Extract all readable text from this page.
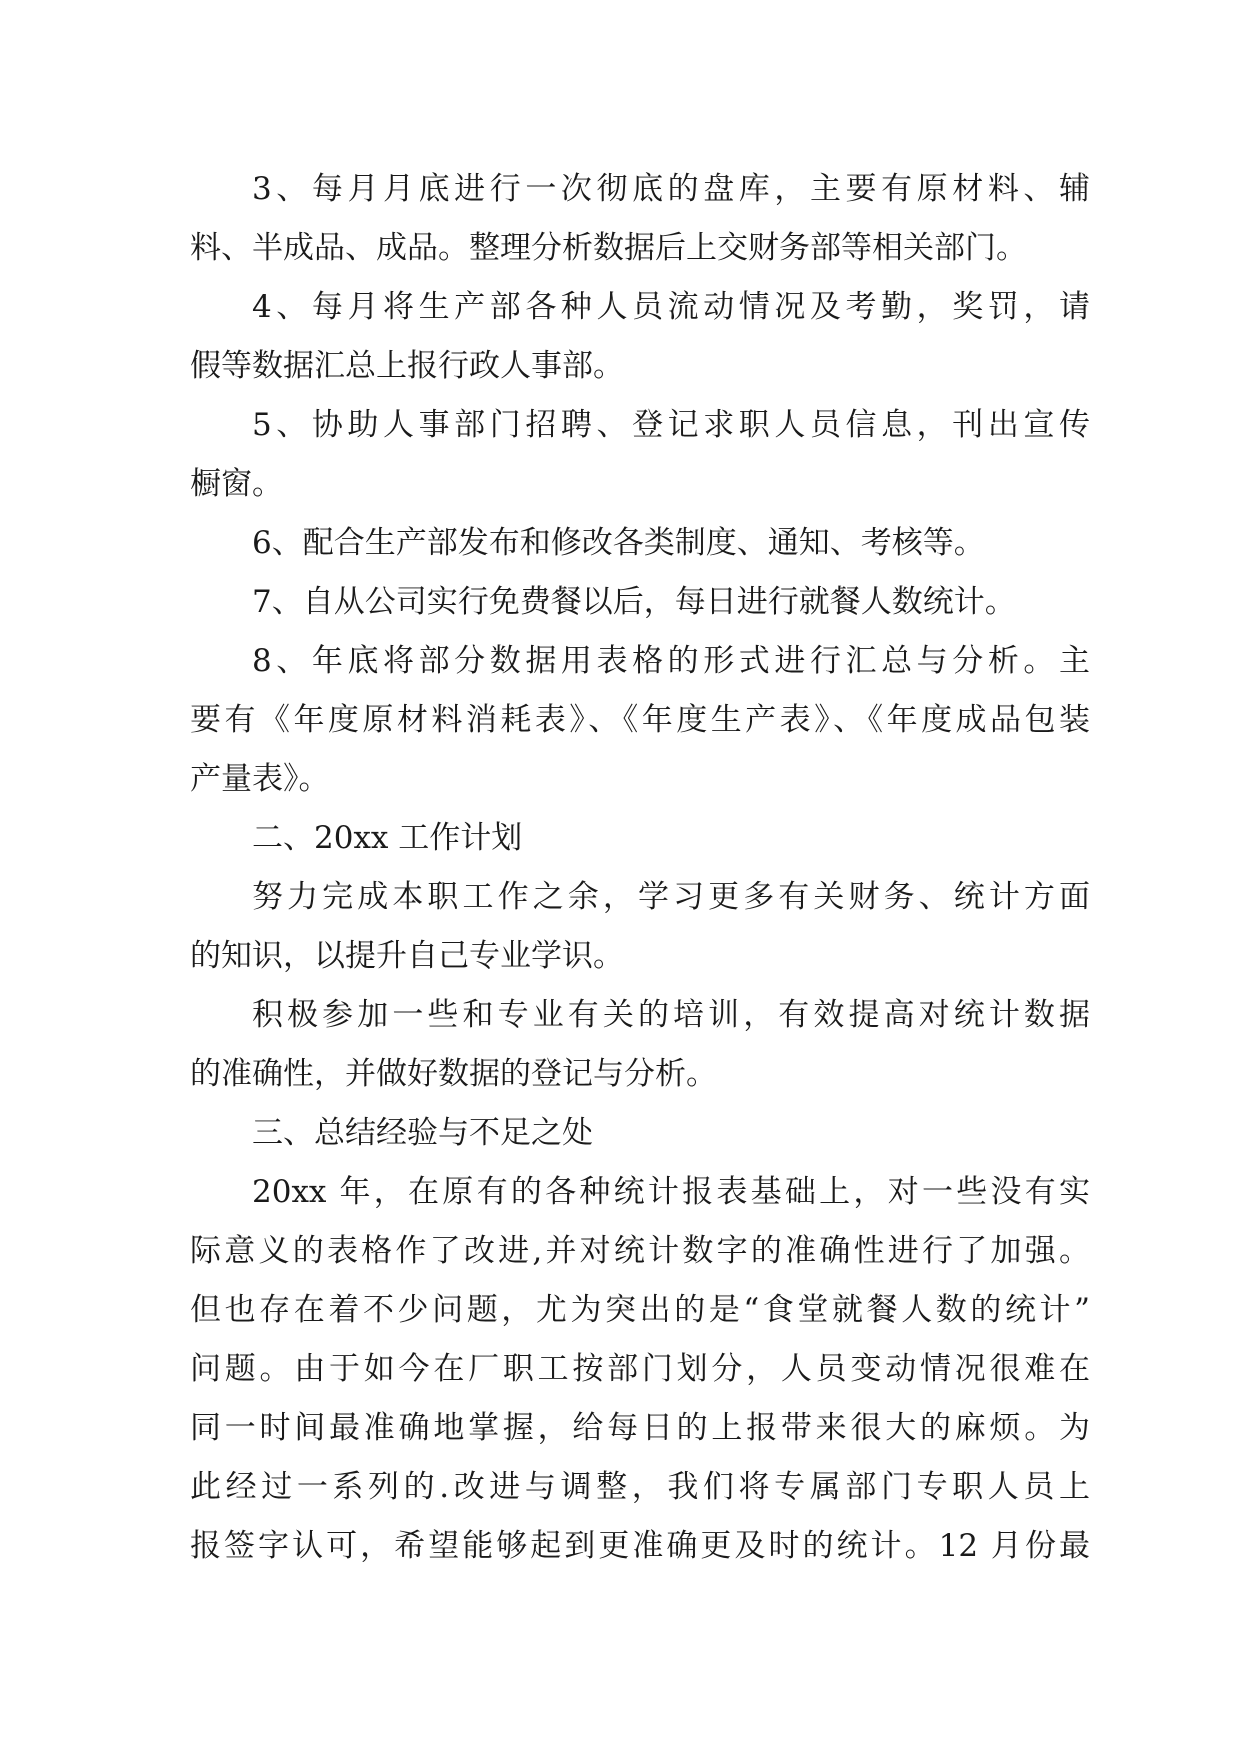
3、每月月底进行一次彻底的盘库，主要有原材料、辅
料、半成品、成品。整理分析数据后上交财务部等相关部门。
4、每月将生产部各种人员流动情况及考勤，奖罚，请
假等数据汇总上报行政人事部。
5、协助人事部门招聘、登记求职人员信息，刊出宣传
橱窗。
6、配合生产部发布和修改各类制度、通知、考核等。
7、自从公司实行免费餐以后，每日进行就餐人数统计。
8、年底将部分数据用表格的形式进行汇总与分析。主
要有《年度原材料消耗表》、《年度生产表》、《年度成品包装
产量表》。
二、20xx 工作计划
努力完成本职工作之余，学习更多有关财务、统计方面
的知识，以提升自己专业学识。
积极参加一些和专业有关的培训，有效提高对统计数据
的准确性，并做好数据的登记与分析。
三、总结经验与不足之处
20xx 年，在原有的各种统计报表基础上，对一些没有实
际意义的表格作了改进,并对统计数字的准确性进行了加强。
但也存在着不少问题，尤为突出的是“食堂就餐人数的统计”
问题。由于如今在厂职工按部门划分，人员变动情况很难在
同一时间最准确地掌握，给每日的上报带来很大的麻烦。为
此经过一系列的.改进与调整，我们将专属部门专职人员上
报签字认可，希望能够起到更准确更及时的统计。12 月份最
